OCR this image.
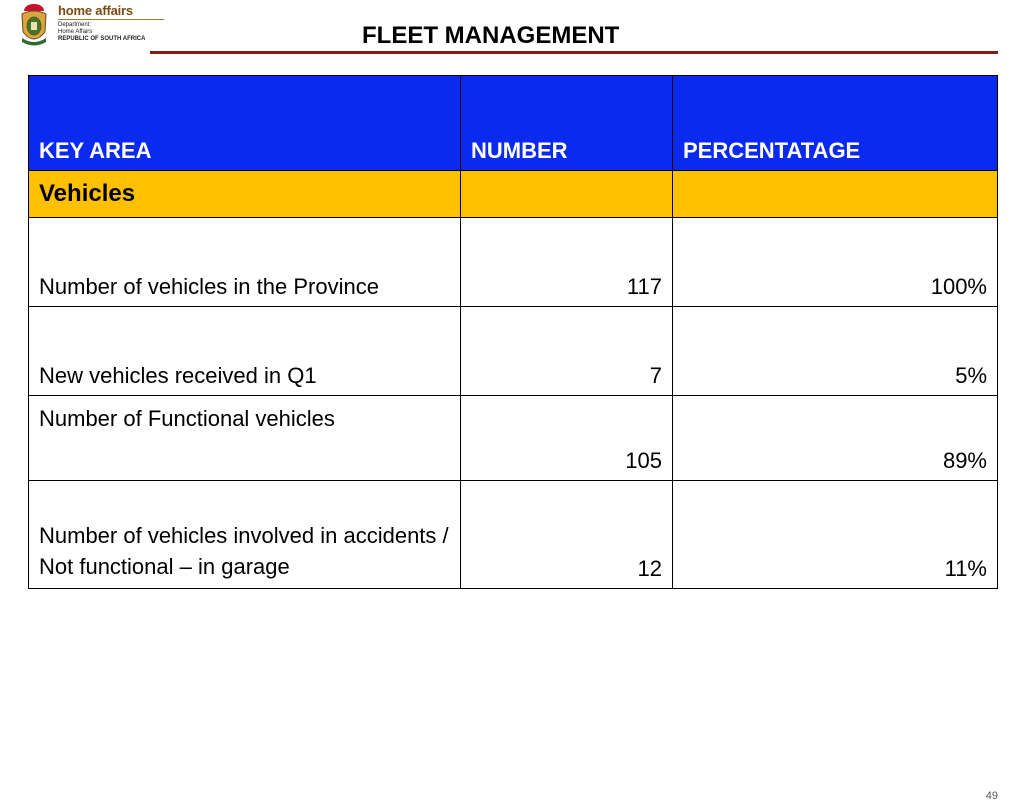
home affairs
Department:
Home Affairs
REPUBLIC OF SOUTH AFRICA	FLEET MANAGEMENT
KEY AREA	NUMBER	PERCENTATAGE
Vehicles		
Number of vehicles in the Province	117	100%
New vehicles received in Q1	7	5%
Number of Functional vehicles	105	89%
Number of vehicles involved in accidents / Not functional – in garage	12	11%
49
